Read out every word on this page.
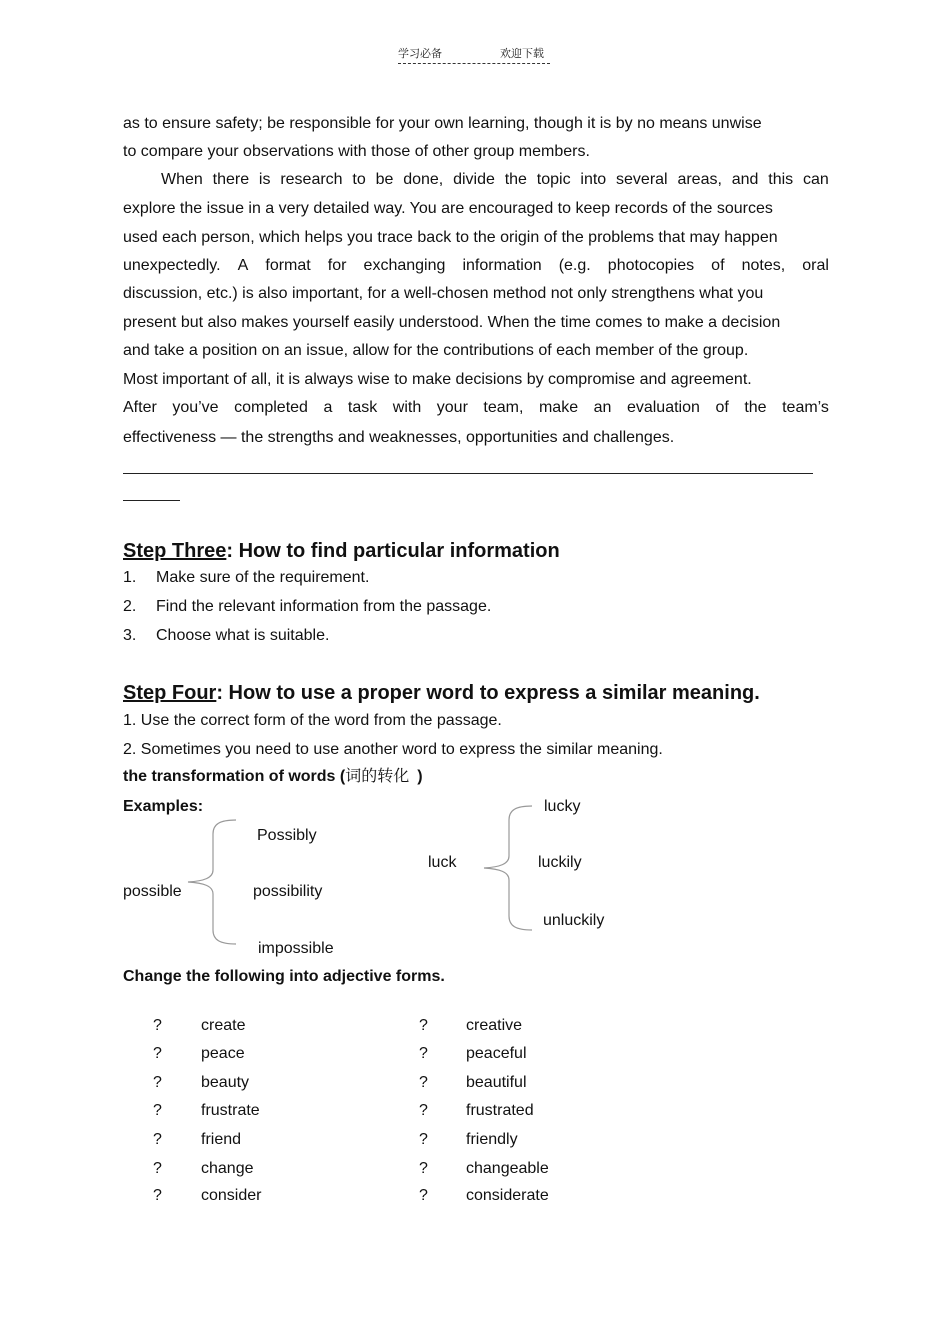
学习必备	欢迎下载
as to ensure safety; be responsible for your own learning, though it is by no means unwise
to compare your observations with those of other group members.
When there is research to be done, divide the topic into several areas, and this can
explore the issue in a very detailed way. You are encouraged to keep records of the sources
used each person, which helps you trace back to the origin of the problems that may happen
unexpectedly. A format for exchanging information (e.g. photocopies of notes, oral
discussion, etc.) is also important, for a well-chosen method not only strengthens what you
present but also makes yourself easily understood. When the time comes to make a decision
and take a position on an issue, allow for the contributions of each member of the group.
Most important of all, it is always wise to make decisions by compromise and agreement.
After you’ve completed a task with your team, make an evaluation of the team’s
effectiveness — the strengths and weaknesses, opportunities and challenges.
Step Three: How to find particular information
1. Make sure of the requirement.
2. Find the relevant information from the passage.
3. Choose what is suitable.
Step Four: How to use a proper word to express a similar meaning.
1. Use the correct form of the word from the passage.
2. Sometimes you need to use another word to express the similar meaning.
the transformation of words (词的转化 )
Examples:
possible
Possibly
possibility
impossible
luck
lucky
luckily
unluckily
Change the following into adjective forms.
? create	? creative
? peace	? peaceful
? beauty	? beautiful
? frustrate	? frustrated
? friend	? friendly
? change	? changeable
? consider	? considerate
